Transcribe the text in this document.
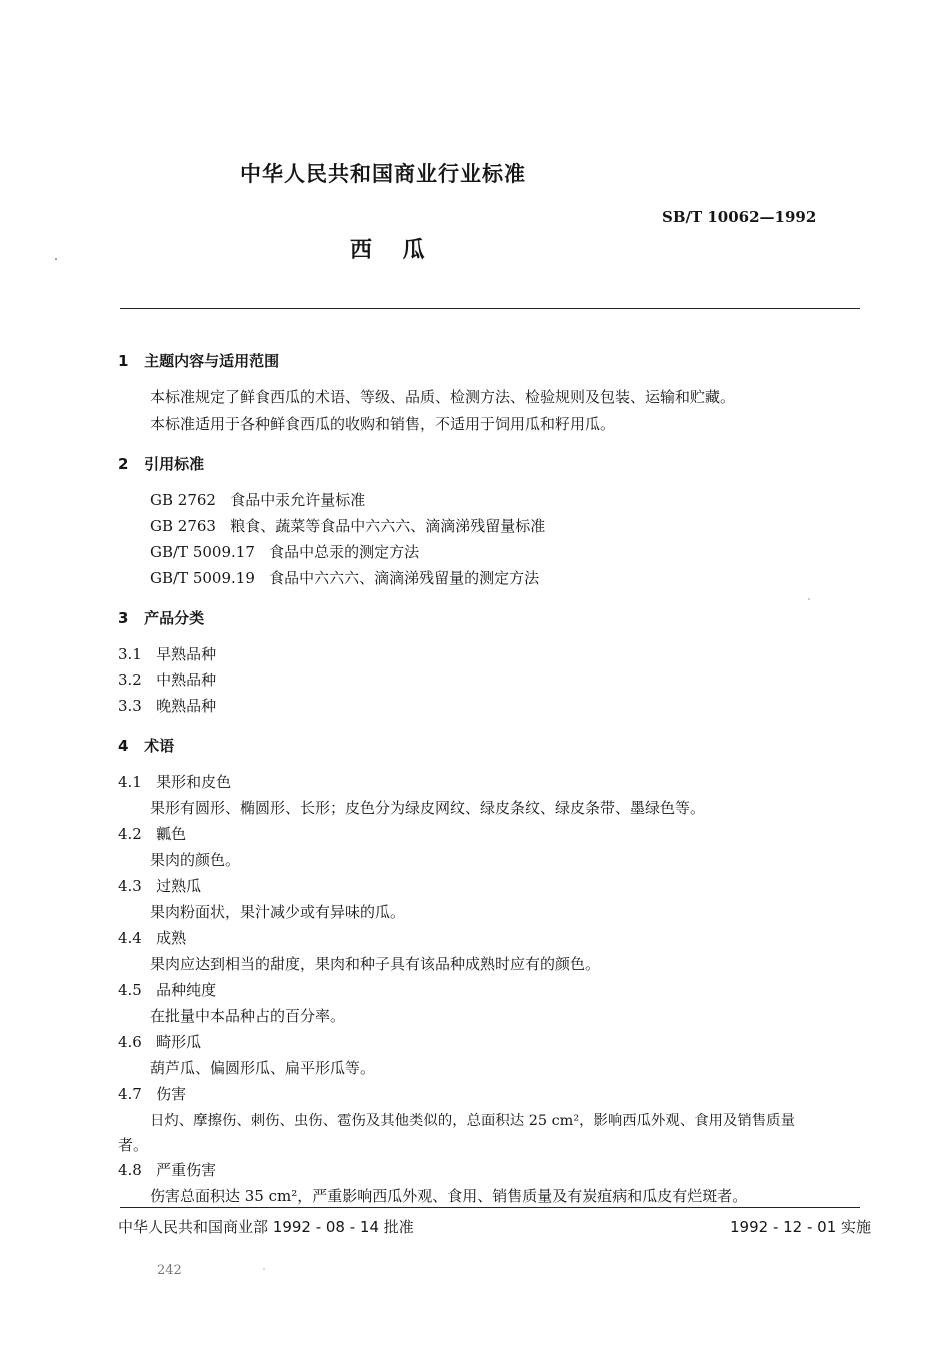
中华人民共和国商业行业标准
SB/T 10062—1992
西    瓜
1   主题内容与适用范围
本标准规定了鲜食西瓜的术语、等级、品质、检测方法、检验规则及包装、运输和贮藏。
本标准适用于各种鲜食西瓜的收购和销售，不适用于饲用瓜和籽用瓜。
2   引用标准
GB 2762   食品中汞允许量标准
GB 2763   粮食、蔬菜等食品中六六六、滴滴涕残留量标准
GB/T 5009.17   食品中总汞的测定方法
GB/T 5009.19   食品中六六六、滴滴涕残留量的测定方法
3   产品分类
3.1   早熟品种
3.2   中熟品种
3.3   晚熟品种
4   术语
4.1   果形和皮色
果形有圆形、椭圆形、长形；皮色分为绿皮网纹、绿皮条纹、绿皮条带、墨绿色等。
4.2   瓤色
果肉的颜色。
4.3   过熟瓜
果肉粉面状，果汁减少或有异味的瓜。
4.4   成熟
果肉应达到相当的甜度，果肉和种子具有该品种成熟时应有的颜色。
4.5   品种纯度
在批量中本品种占的百分率。
4.6   畸形瓜
葫芦瓜、偏圆形瓜、扁平形瓜等。
4.7   伤害
日灼、摩擦伤、刺伤、虫伤、雹伤及其他类似的，总面积达 25 cm²，影响西瓜外观、食用及销售质量
者。
4.8   严重伤害
伤害总面积达 35 cm²，严重影响西瓜外观、食用、销售质量及有炭疽病和瓜皮有烂斑者。
中华人民共和国商业部 1992 - 08 - 14 批准	1992 - 12 - 01 实施
242
